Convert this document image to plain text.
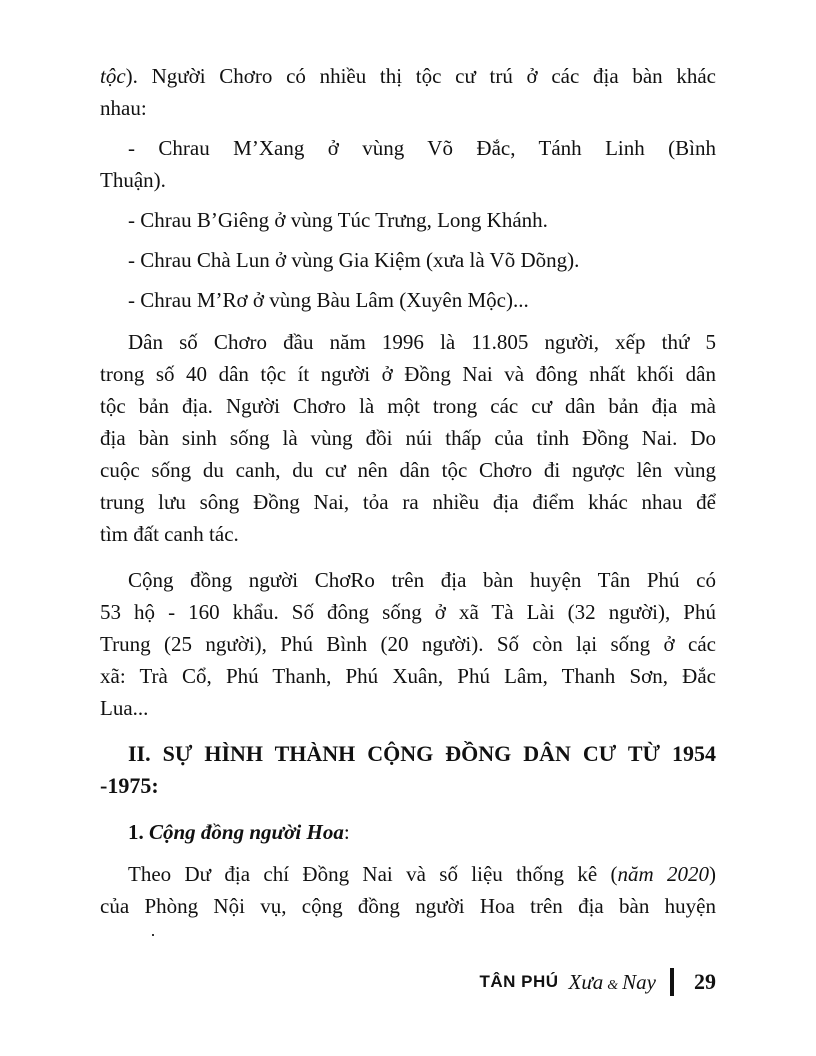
tộc). Người Chơro có nhiều thị tộc cư trú ở các địa bàn khác

nhau:

- Chrau M’Xang ở vùng Võ Đắc, Tánh Linh (Bình

Thuận).

- Chrau B’Giêng ở vùng Túc Trưng, Long Khánh.

- Chrau Chà Lun ở vùng Gia Kiệm (xưa là Võ Dõng).

- Chrau M’Rơ ở vùng Bàu Lâm (Xuyên Mộc)...

Dân số Chơro đầu năm 1996 là 11.805 người, xếp thứ 5

trong số 40 dân tộc ít người ở Đồng Nai và đông nhất khối dân

tộc bản địa. Người Chơro là một trong các cư dân bản địa mà

địa bàn sinh sống là vùng đồi núi thấp của tỉnh Đồng Nai. Do

cuộc sống du canh, du cư nên dân tộc Chơro đi ngược lên vùng

trung lưu sông Đồng Nai, tỏa ra nhiều địa điểm khác nhau để

tìm đất canh tác.

Cộng đồng người ChơRo trên địa bàn huyện Tân Phú có

53 hộ - 160 khẩu. Số đông sống ở xã Tà Lài (32 người), Phú

Trung (25 người), Phú Bình (20 người). Số còn lại sống ở các

xã: Trà Cổ, Phú Thanh, Phú Xuân, Phú Lâm, Thanh Sơn, Đắc

Lua...

II. SỰ HÌNH THÀNH CỘNG ĐỒNG DÂN CƯ TỪ 1954

-1975:

1. Cộng đồng người Hoa:

Theo Dư địa chí Đồng Nai và số liệu thống kê (năm 2020)

của Phòng Nội vụ, cộng đồng người Hoa trên địa bàn huyện

TÂN PHÚ Xưa & Nay 29
